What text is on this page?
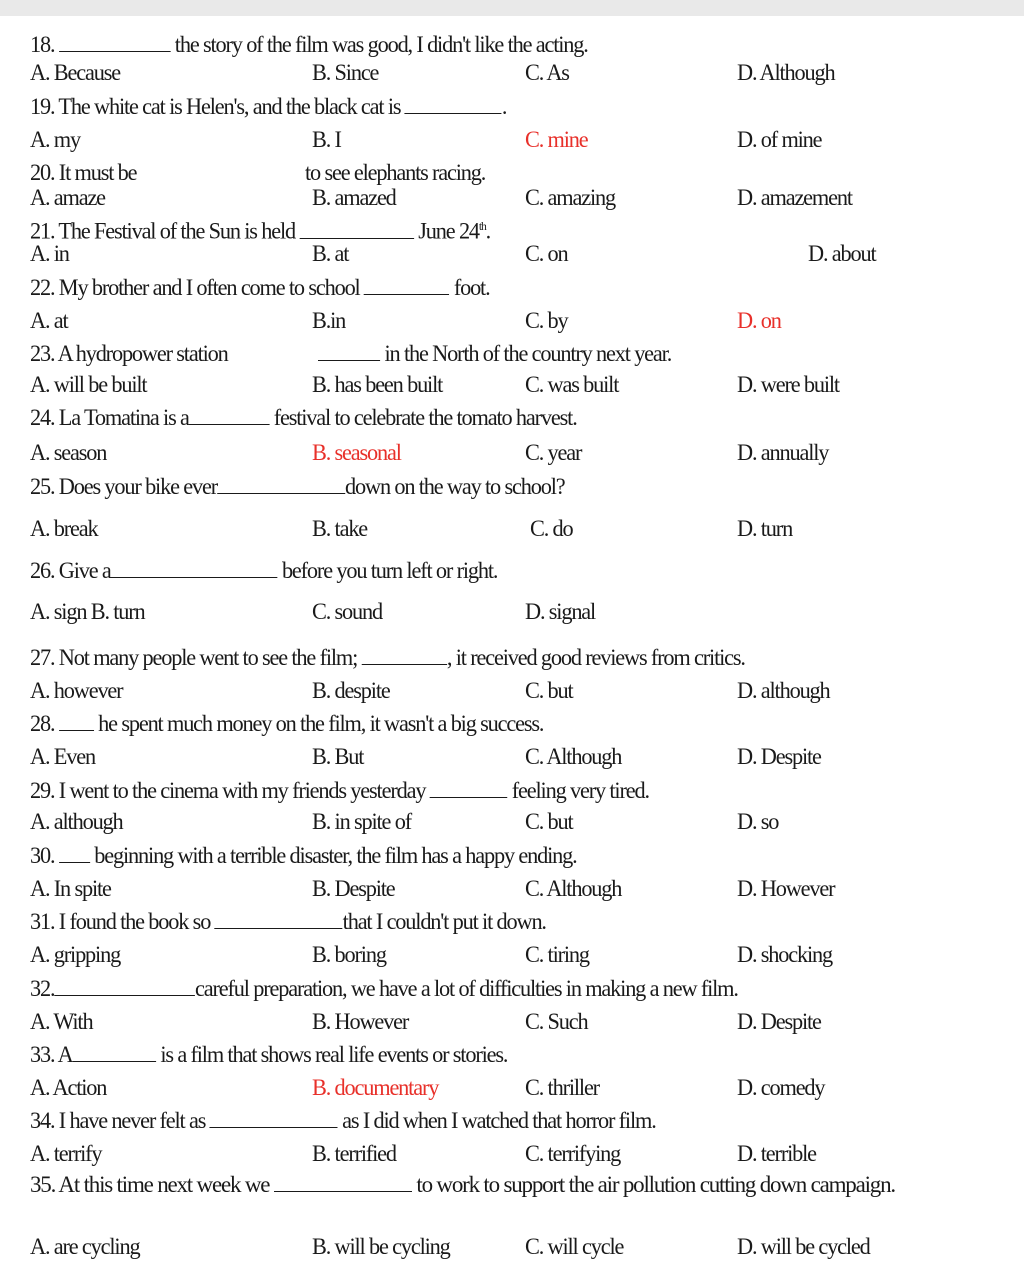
18.	the story of the film was good, I didn't like the acting.
A. Because	B. Since	C. As	D. Although
19. The white cat is Helen's, and the black cat is	.
A. my	B. I	C. mine	D. of mine
20. It must be	to see elephants racing.
A. amaze	B. amazed	C. amazing	D. amazement
21. The Festival of the Sun is held	June 24th.
A. in	B. at	C. on	D. about
22. My brother and I often come to school	foot.
A. at	B.in	C. by	D. on
23. A hydropower station	in the North of the country next year.
A. will be built	B. has been built	C. was built	D. were built
24. La Tomatina is a	festival to celebrate the tomato harvest.
A. season	B. seasonal	C. year	D. annually
25. Does your bike ever	down on the way to school?
A. break	B. take	C. do	D. turn
26. Give a	before you turn left or right.
A. sign B. turn	C. sound	D. signal
27. Not many people went to see the film;	, it received good reviews from critics.
A. however	B. despite	C. but	D. although
28. he spent much money on the film, it wasn't a big success.
A. Even	B. But	C. Although	D. Despite
29. I went to the cinema with my friends yesterday	feeling very tired.
A. although	B. in spite of	C. but	D. so
30. beginning with a terrible disaster, the film has a happy ending.
A. In spite	B. Despite	C. Although	D. However
31. I found the book so	that I couldn't put it down.
A. gripping	B. boring	C. tiring	D. shocking
32.	careful preparation, we have a lot of difficulties in making a new film.
A. With	B. However	C. Such	D. Despite
33. A	is a film that shows real life events or stories.
A. Action	B. documentary	C. thriller	D. comedy
34. I have never felt as	as I did when I watched that horror film.
A. terrify	B. terrified	C. terrifying	D. terrible
35. At this time next week we	to work to support the air pollution cutting down campaign.
A. are cycling	B. will be cycling	C. will cycle	D. will be cycled
